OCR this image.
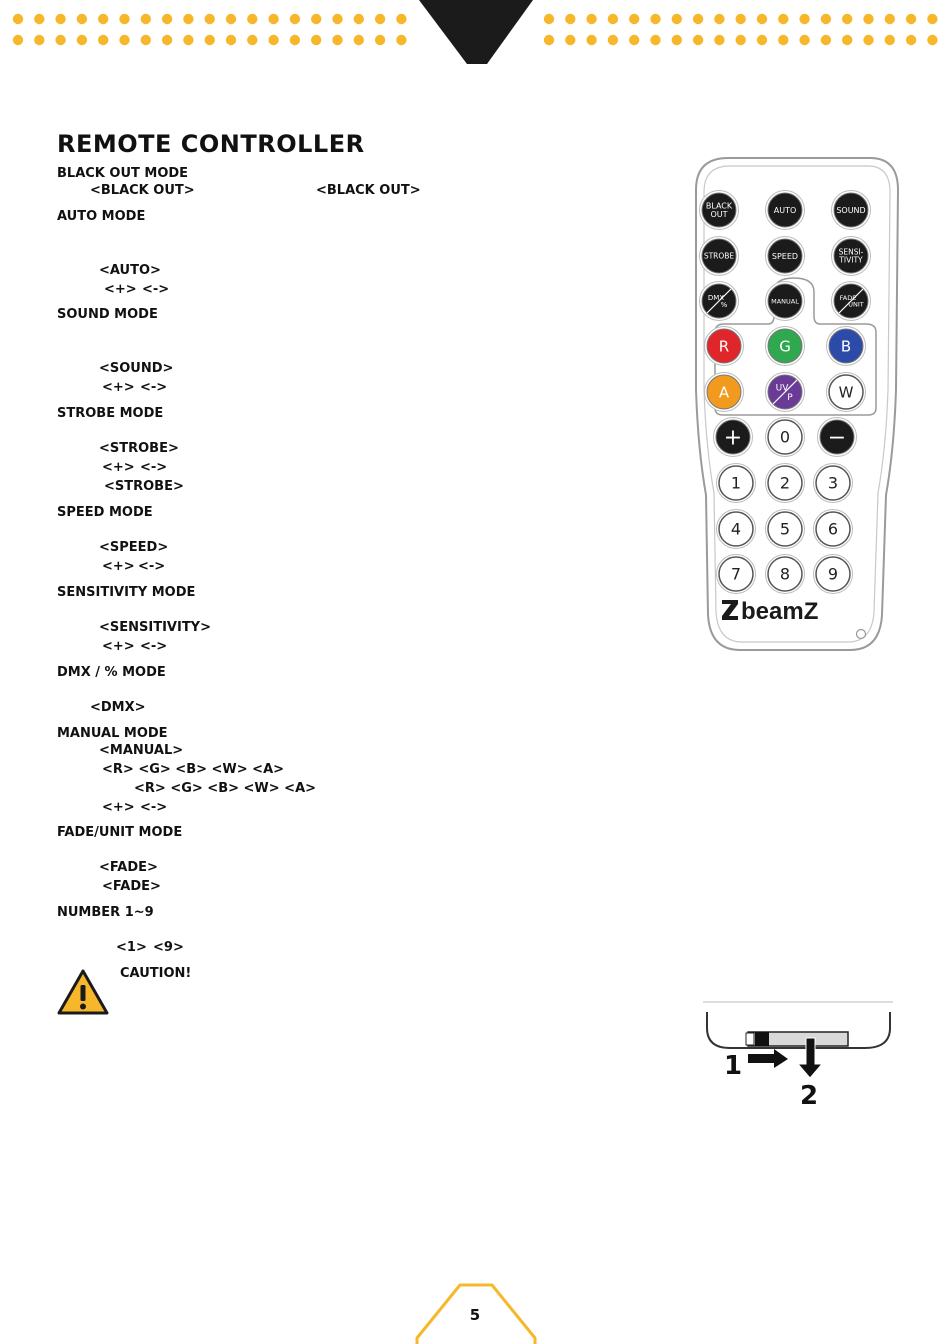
REMOTE CONTROLLER
BLACK OUT MODE
<BLACK OUT>	<BLACK OUT>
AUTO MODE
<AUTO>
<+> <->
SOUND MODE
<SOUND>
<+> <->
STROBE MODE
<STROBE>
<+> <->
<STROBE>
SPEED MODE
<SPEED>
<+> <->
SENSITIVITY MODE
<SENSITIVITY>
<+> <->
DMX / % MODE
<DMX>
MANUAL MODE
<MANUAL>
<R> <G> <B> <W> <A>
<R> <G> <B> <W> <A>
<+> <->
FADE/UNIT MODE
<FADE>
<FADE>
NUMBER 1~9
<1> <9>
CAUTION!
BLACK
OUT	AUTO	SOUND
STROBE	SPEED	SENSI-
TIVITY
DMX
%	MANUAL	FADE
UNIT
R	G	B
A	UV
P	W
+ 0 −
1 2 3
4 5 6
7 8 9
beamZ
1
2
5
